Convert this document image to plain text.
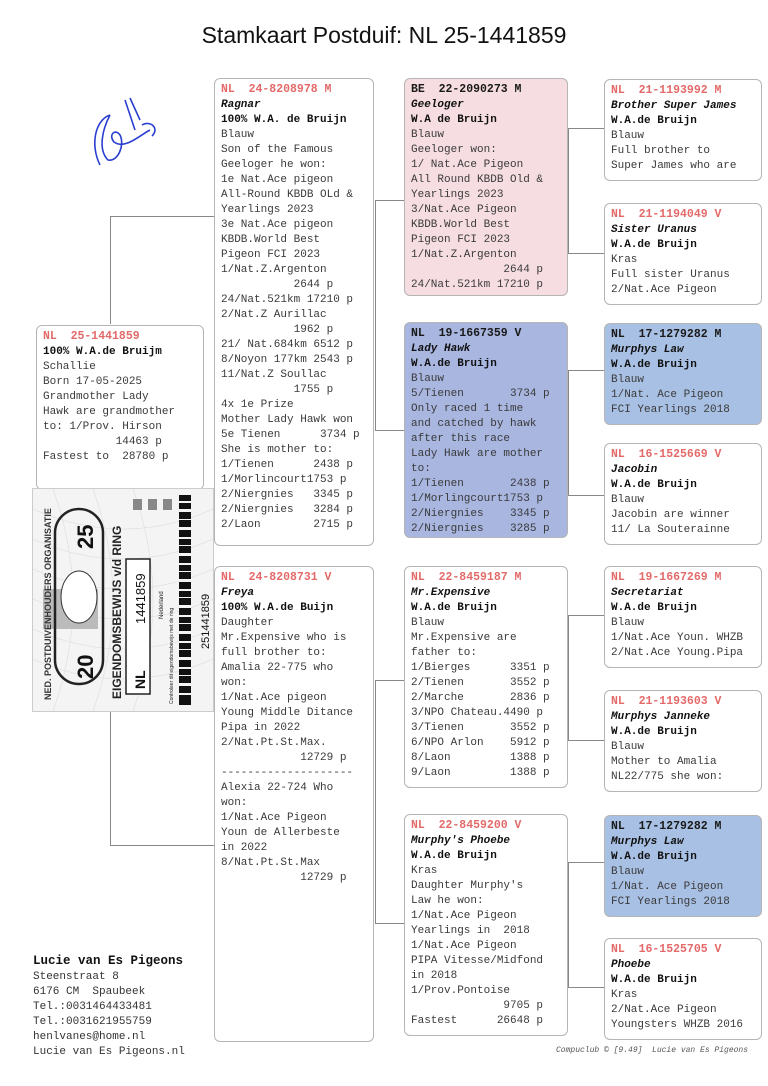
Stamkaart Postduif: NL 25-1441859
NL  25-1441859
100% W.A.de Bruijm
Schallie
Born 17-05-2025
Grandmother Lady
Hawk are grandmother
to: 1/Prov. Hirson
14463 p
Fastest to  28780 p
NED. POSTDUIVENHOUDERS ORGANISATIE 20
25 EIGENDOMSBEWIJS v/d RING NL
1441859 Nederland
Controleer dit eigendomsbewijs met de ring 251441859
NL  24-8208978 M
Ragnar
100% W.A. de Bruijn
Blauw
Son of the Famous
Geeloger he won:
1e Nat.Ace pigeon
All-Round KBDB OLd &
Yearlings 2023
3e Nat.Ace pigeon
KBDB.World Best
Pigeon FCI 2023
1/Nat.Z.Argenton
2644 p
24/Nat.521km 17210 p
2/Nat.Z Aurillac
1962 p
21/ Nat.684km 6512 p
8/Noyon 177km 2543 p
11/Nat.Z Soullac
1755 p
4x 1e Prize
Mother Lady Hawk won
5e Tienen      3734 p
She is mother to:
1/Tienen      2438 p
1/Morlincourt1753 p
2/Niergnies   3345 p
2/Niergnies   3284 p
2/Laon        2715 p
NL  24-8208731 V
Freya
100% W.A.de Buijn
Daughter
Mr.Expensive who is
full brother to:
Amalia 22-775 who
won:
1/Nat.Ace pigeon
Young Middle Ditance
Pipa in 2022
2/Nat.Pt.St.Max.
12729 p
--------------------
Alexia 22-724 Who
won:
1/Nat.Ace Pigeon
Youn de Allerbeste
in 2022
8/Nat.Pt.St.Max
12729 p
BE  22-2090273 M
Geeloger
W.A de Bruijn
Blauw
Geeloger won:
1/ Nat.Ace Pigeon
All Round KBDB Old &
Yearlings 2023
3/Nat.Ace Pigeon
KBDB.World Best
Pigeon FCI 2023
1/Nat.Z.Argenton
2644 p
24/Nat.521km 17210 p
NL  19-1667359 V
Lady Hawk
W.A.de Bruijn
Blauw
5/Tienen       3734 p
Only raced 1 time
and catched by hawk
after this race
Lady Hawk are mother
to:
1/Tienen       2438 p
1/Morlingcourt1753 p
2/Niergnies    3345 p
2/Niergnies    3285 p
NL  22-8459187 M
Mr.Expensive
W.A.de Bruijn
Blauw
Mr.Expensive are
father to:
1/Bierges      3351 p
2/Tienen       3552 p
2/Marche       2836 p
3/NPO Chateau.4490 p
3/Tienen       3552 p
6/NPO Arlon    5912 p
8/Laon         1388 p
9/Laon         1388 p
NL  22-8459200 V
Murphy's Phoebe
W.A.de Bruijn
Kras
Daughter Murphy's
Law he won:
1/Nat.Ace Pigeon
Yearlings in  2018
1/Nat.Ace Pigeon
PIPA Vitesse/Midfond
in 2018
1/Prov.Pontoise
9705 p
Fastest      26648 p
NL  21-1193992 M
Brother Super James
W.A.de Bruijn
Blauw
Full brother to
Super James who are
NL  21-1194049 V
Sister Uranus
W.A.de Bruijn
Kras
Full sister Uranus
2/Nat.Ace Pigeon
NL  17-1279282 M
Murphys Law
W.A.de Bruijn
Blauw
1/Nat. Ace Pigeon
FCI Yearlings 2018
NL  16-1525669 V
Jacobin
W.A.de Bruijn
Blauw
Jacobin are winner
11/ La Souterainne
NL  19-1667269 M
Secretariat
W.A.de Bruijn
Blauw
1/Nat.Ace Youn. WHZB
2/Nat.Ace Young.Pipa
NL  21-1193603 V
Murphys Janneke
W.A.de Bruijn
Blauw
Mother to Amalia
NL22/775 she won:
NL  17-1279282 M
Murphys Law
W.A.de Bruijn
Blauw
1/Nat. Ace Pigeon
FCI Yearlings 2018
NL  16-1525705 V
Phoebe
W.A.de Bruijn
Kras
2/Nat.Ace Pigeon
Youngsters WHZB 2016
Lucie van Es Pigeons
Steenstraat 8
6176 CM  Spaubeek
Tel.:0031464433481
Tel.:0031621955759
henlvanes@home.nl
Lucie van Es Pigeons.nl	Compuclub © [9.49]  Lucie van Es Pigeons
